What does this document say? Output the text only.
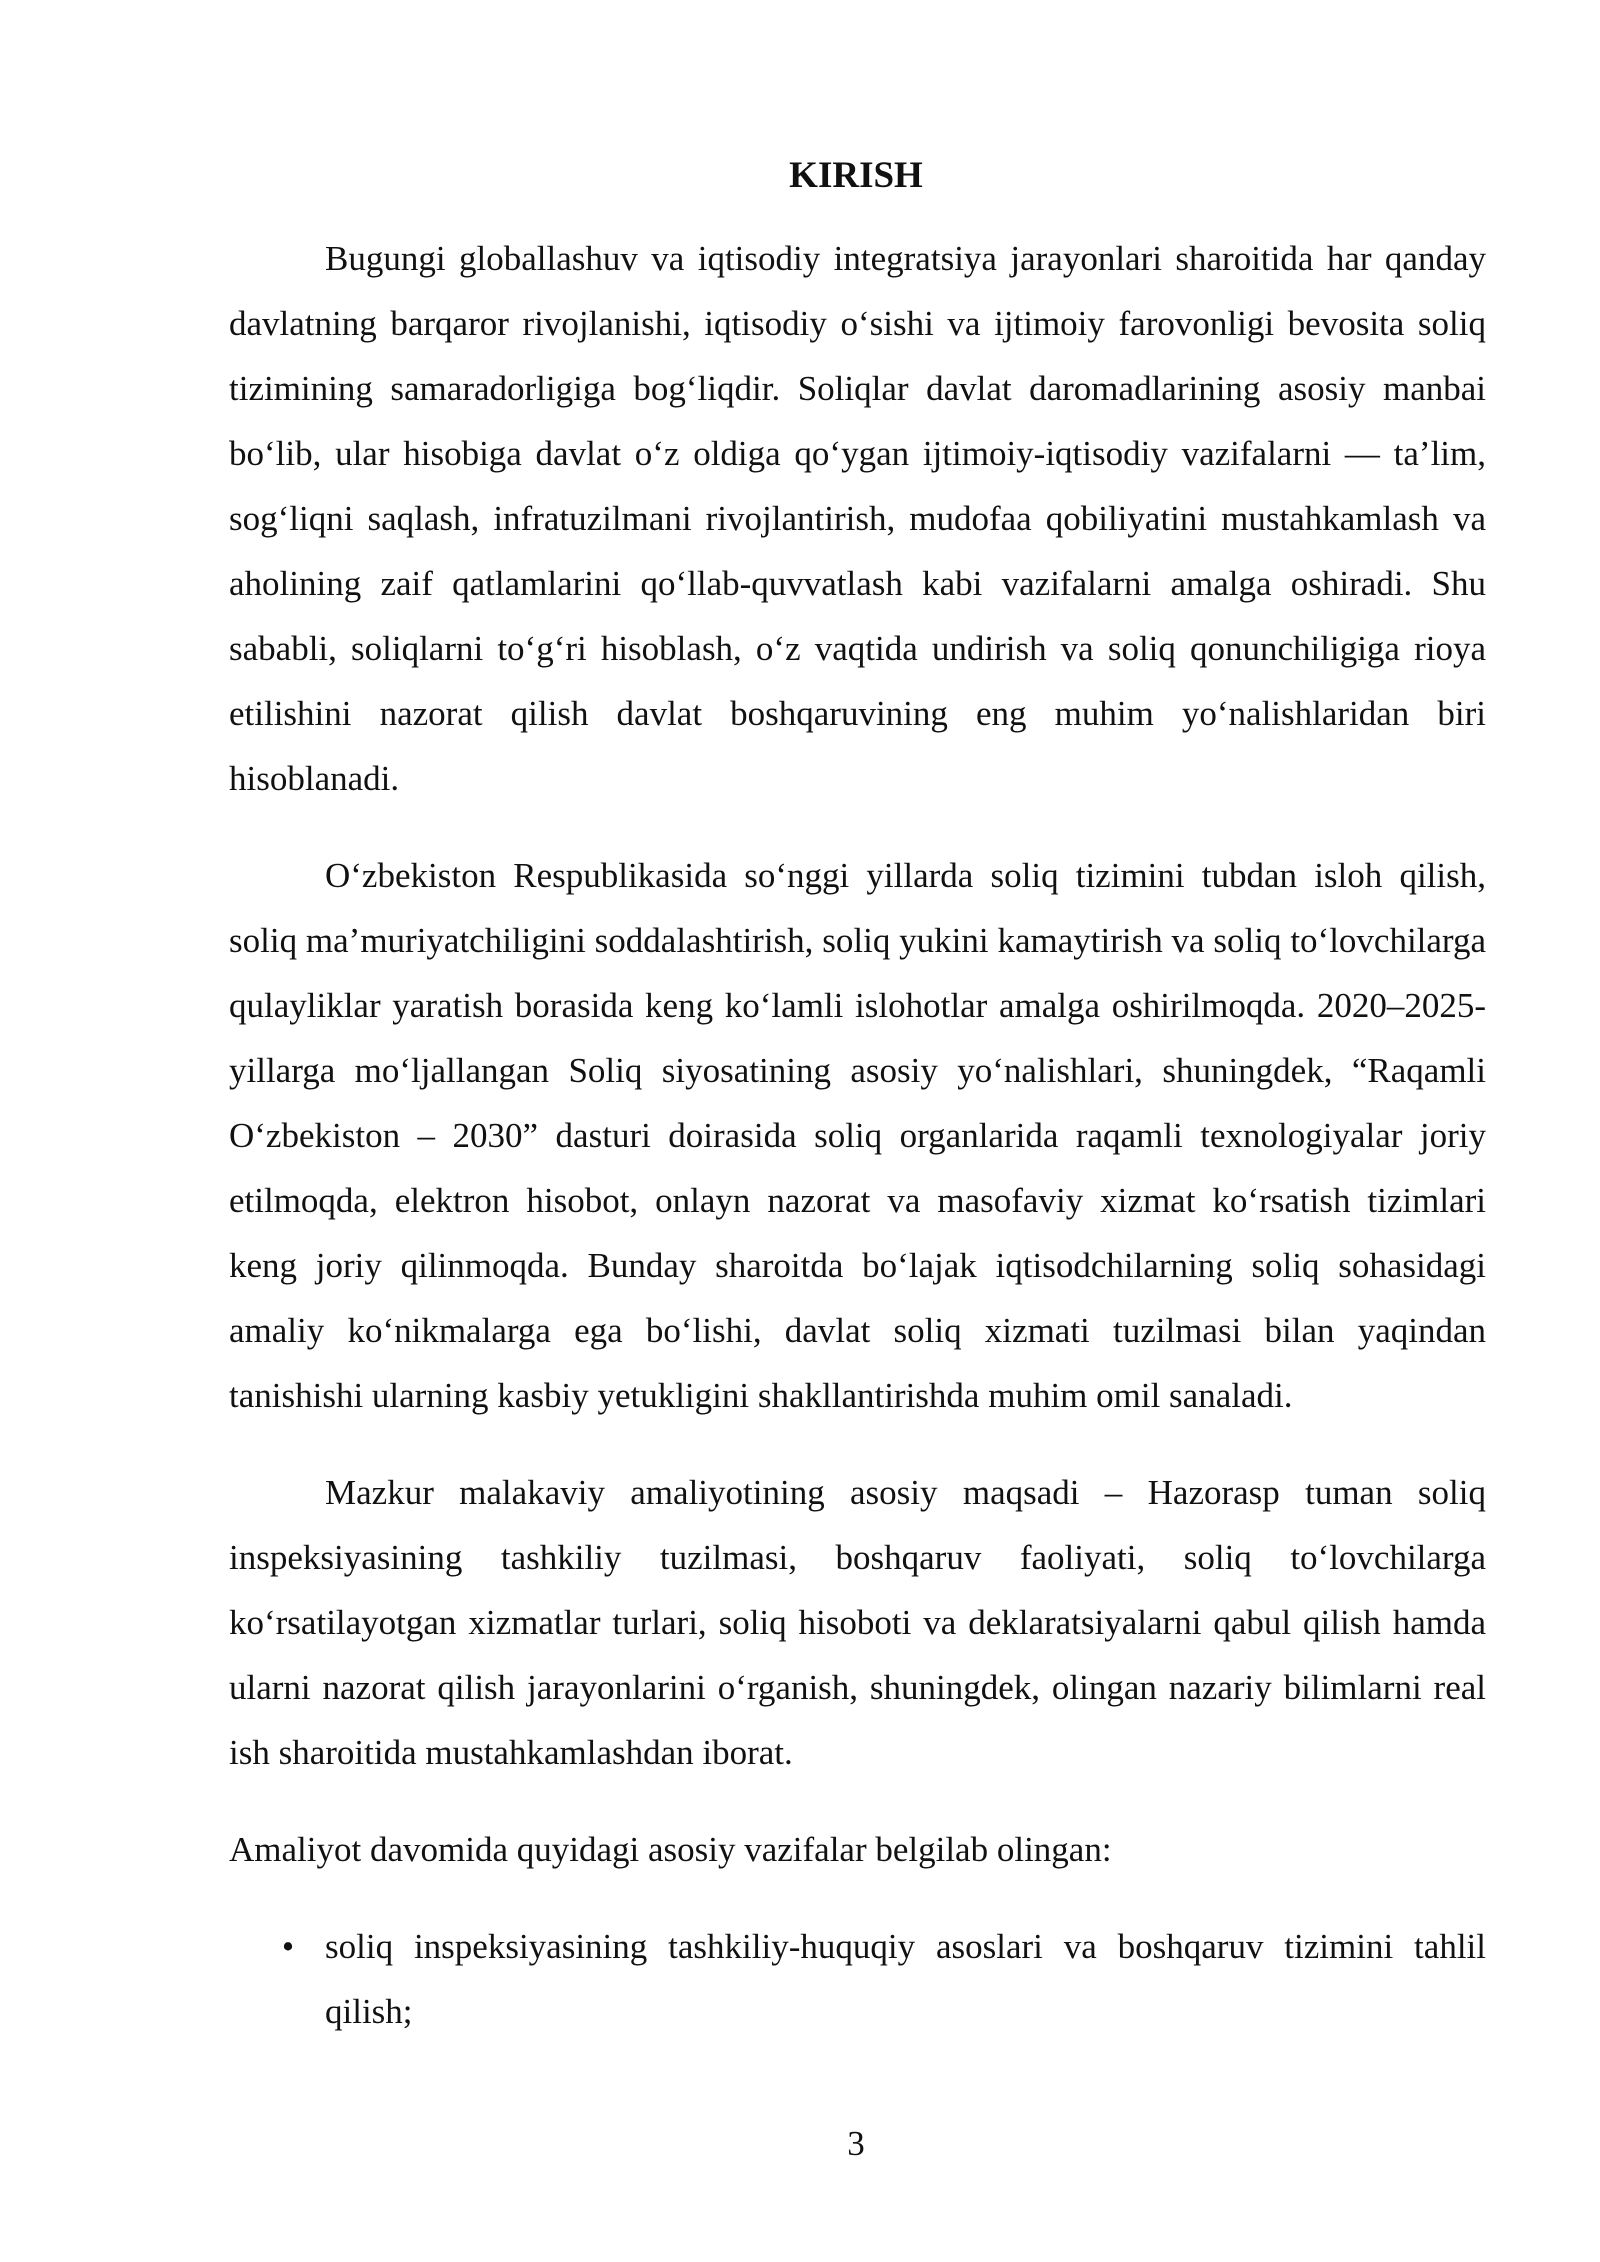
KIRISH

Bugungi globallashuv va iqtisodiy integratsiya jarayonlari sharoitida har qanday davlatning barqaror rivojlanishi, iqtisodiy o‘sishi va ijtimoiy farovonligi bevosita soliq tizimining samaradorligiga bog‘liqdir. Soliqlar davlat daromadlarining asosiy manbai bo‘lib, ular hisobiga davlat o‘z oldiga qo‘ygan ijtimoiy-iqtisodiy vazifalarni — ta’lim, sog‘liqni saqlash, infratuzilmani rivojlantirish, mudofaa qobiliyatini mustahkamlash va aholining zaif qatlamlarini qo‘llab-quvvatlash kabi vazifalarni amalga oshiradi. Shu sababli, soliqlarni to‘g‘ri hisoblash, o‘z vaqtida undirish va soliq qonunchiligiga rioya etilishini nazorat qilish davlat boshqaruvining eng muhim yo‘nalishlaridan biri hisoblanadi.

O‘zbekiston Respublikasida so‘nggi yillarda soliq tizimini tubdan isloh qilish, soliq ma’muriyatchiligini soddalashtirish, soliq yukini kamaytirish va soliq to‘lovchilarga qulayliklar yaratish borasida keng ko‘lamli islohotlar amalga oshirilmoqda. 2020–2025-yillarga mo‘ljallangan Soliq siyosatining asosiy yo‘nalishlari, shuningdek, “Raqamli O‘zbekiston – 2030” dasturi doirasida soliq organlarida raqamli texnologiyalar joriy etilmoqda, elektron hisobot, onlayn nazorat va masofaviy xizmat ko‘rsatish tizimlari keng joriy qilinmoqda. Bunday sharoitda bo‘lajak iqtisodchilarning soliq sohasidagi amaliy ko‘nikmalarga ega bo‘lishi, davlat soliq xizmati tuzilmasi bilan yaqindan tanishishi ularning kasbiy yetukligini shakllantirishda muhim omil sanaladi.

Mazkur malakaviy amaliyotining asosiy maqsadi – Hazorasp tuman soliq inspeksiyasining tashkiliy tuzilmasi, boshqaruv faoliyati, soliq to‘lovchilarga ko‘rsatilayotgan xizmatlar turlari, soliq hisoboti va deklaratsiyalarni qabul qilish hamda ularni nazorat qilish jarayonlarini o‘rganish, shuningdek, olingan nazariy bilimlarni real ish sharoitida mustahkamlashdan iborat.

Amaliyot davomida quyidagi asosiy vazifalar belgilab olingan:

• soliq inspeksiyasining tashkiliy-huquqiy asoslari va boshqaruv tizimini tahlil qilish;
3
